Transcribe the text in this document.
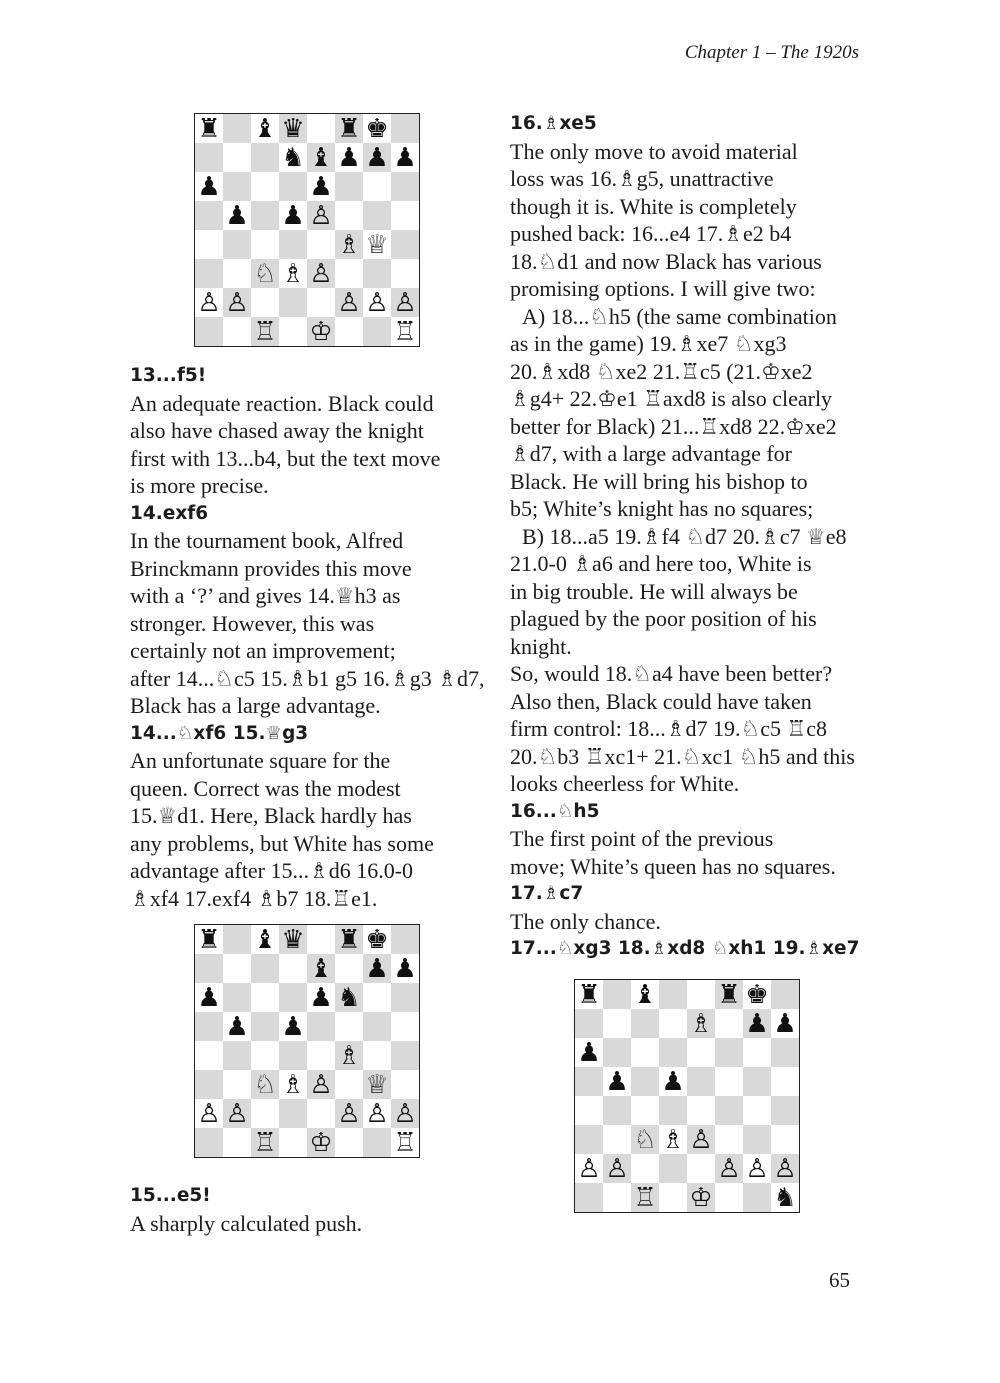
Chapter 1 – The 1920s
♜ ♝ ♛ ♜ ♚
♞ ♝ ♟ ♟ ♟
♟	♟
♟ ♟ ♙
♗ ♕
♘ ♗ ♙
♙ ♙	♙ ♙ ♙
♖ ♔ ♖
♜ ♝ ♛ ♜ ♚
♝ ♟ ♟
♟	♟ ♞
♟ ♟
♗
♘ ♗ ♙ ♕
♙ ♙	♙ ♙ ♙
♖ ♔ ♖
♜ ♝ ♜ ♚
♗ ♟ ♟
♟
♟ ♟
♘ ♗ ♙
♙ ♙	♙ ♙ ♙
♖ ♔ ♞
13...f5!
An adequate reaction. Black could
also have chased away the knight
first with 13...b4, but the text move
is more precise.
14.exf6
In the tournament book, Alfred
Brinckmann provides this move
with a ‘?’ and gives 14.♕h3 as
stronger. However, this was
certainly not an improvement;
after 14...♘c5 15.♗b1 g5 16.♗g3 ♗d7,
Black has a large advantage.
14...♘xf6 15.♕g3
An unfortunate square for the
queen. Correct was the modest
15.♕d1. Here, Black hardly has
any problems, but White has some
advantage after 15...♗d6 16.0-0
♗xf4 17.exf4 ♗b7 18.♖e1.
15...e5!
A sharply calculated push.
16.♗xe5
The only move to avoid material
loss was 16.♗g5, unattractive
though it is. White is completely
pushed back: 16...e4 17.♗e2 b4
18.♘d1 and now Black has various
promising options. I will give two:
A) 18...♘h5 (the same combination
as in the game) 19.♗xe7 ♘xg3
20.♗xd8 ♘xe2 21.♖c5 (21.♔xe2
♗g4+ 22.♔e1 ♖axd8 is also clearly
better for Black) 21...♖xd8 22.♔xe2
♗d7, with a large advantage for
Black. He will bring his bishop to
b5; White’s knight has no squares;
B) 18...a5 19.♗f4 ♘d7 20.♗c7 ♕e8
21.0-0 ♗a6 and here too, White is
in big trouble. He will always be
plagued by the poor position of his
knight.
So, would 18.♘a4 have been better?
Also then, Black could have taken
firm control: 18...♗d7 19.♘c5 ♖c8
20.♘b3 ♖xc1+ 21.♘xc1 ♘h5 and this
looks cheerless for White.
16...♘h5
The first point of the previous
move; White’s queen has no squares.
17.♗c7
The only chance.
17...♘xg3 18.♗xd8 ♘xh1 19.♗xe7
65
